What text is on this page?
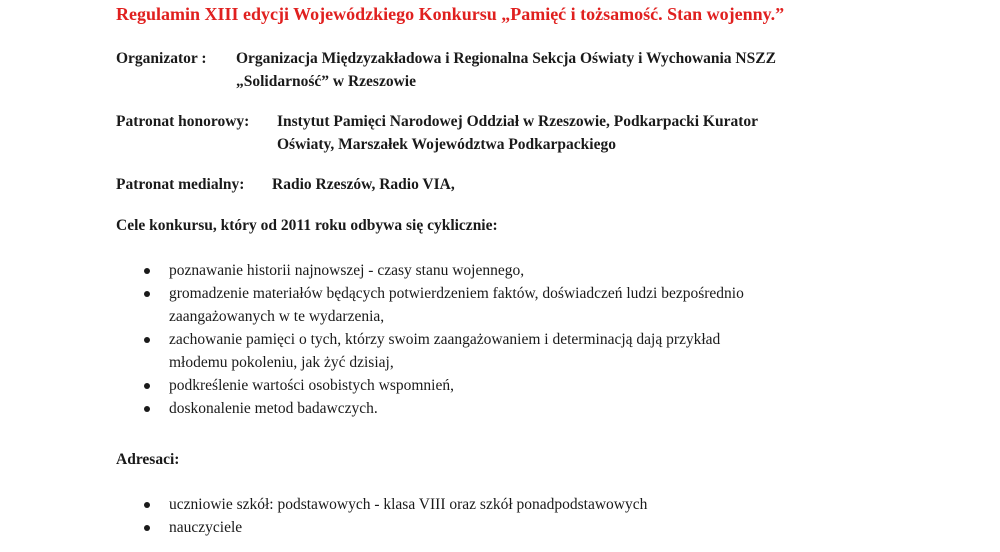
Regulamin XIII edycji Wojewódzkiego Konkursu „Pamięć i tożsamość. Stan wojenny.”
Organizator : Organizacja Międzyzakładowa i Regionalna Sekcja Oświaty i Wychowania NSZZ
„Solidarność” w Rzeszowie
Patronat honorowy: Instytut Pamięci Narodowej Oddział w Rzeszowie, Podkarpacki Kurator
Oświaty, Marszałek Województwa Podkarpackiego
Patronat medialny: Radio Rzeszów, Radio VIA,

Cele konkursu, który od 2011 roku odbywa się cyklicznie:

poznawanie historii najnowszej - czasy stanu wojennego,
gromadzenie materiałów będących potwierdzeniem faktów, doświadczeń ludzi bezpośrednio
zaangażowanych w te wydarzenia,
zachowanie pamięci o tych, którzy swoim zaangażowaniem i determinacją dają przykład
młodemu pokoleniu, jak żyć dzisiaj,
podkreślenie wartości osobistych wspomnień,
doskonalenie metod badawczych.

Adresaci:

uczniowie szkół: podstawowych - klasa VIII oraz szkół ponadpodstawowych
nauczyciele
